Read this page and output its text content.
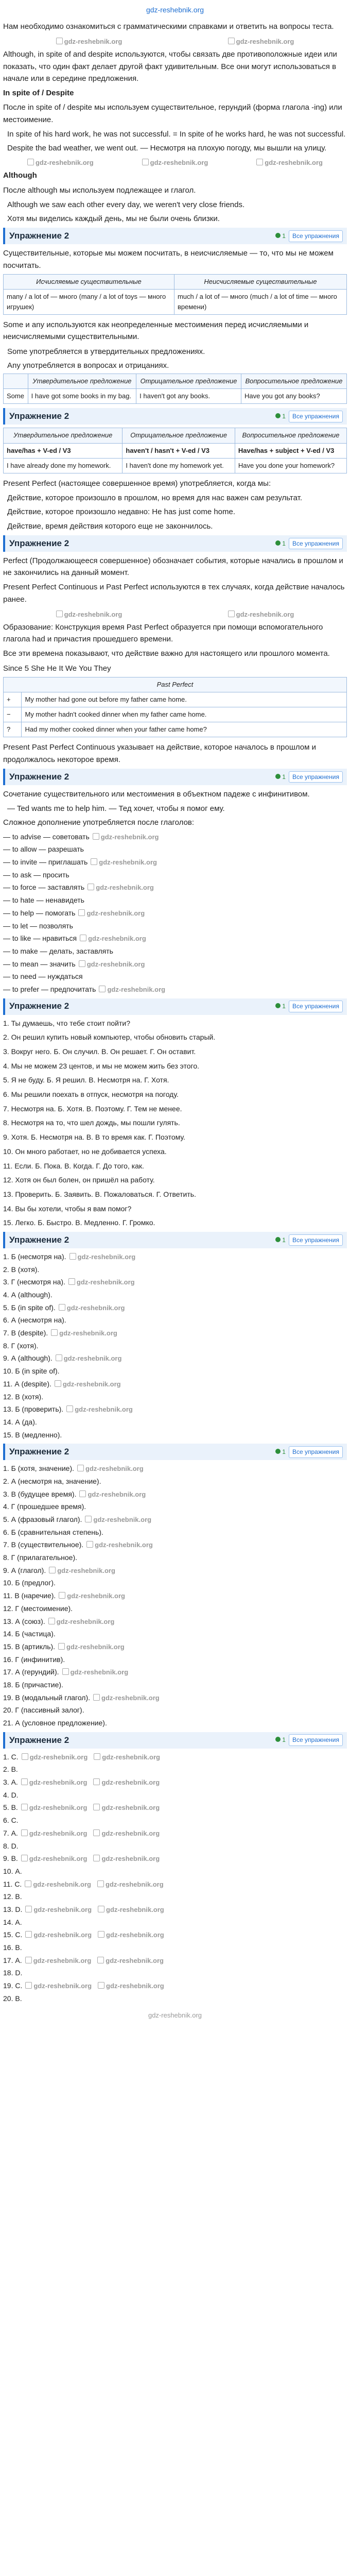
gdz-reshebnik.org

Нам необходимо ознакомиться с грамматическими справками и ответить на вопросы теста.

gdz-reshebnik.org	gdz-reshebnik.org

Although, in spite of and despite используются, чтобы связать две противоположные идеи или показать, что один факт делает другой факт удивительным. Все они могут использоваться в начале или в середине предложения.

In spite of / Despite

После in spite of / despite мы используем существительное, герундий (форма глагола -ing) или местоимение.

In spite of his hard work, he was not successful. = In spite of he works hard, he was not successful.

Despite the bad weather, we went out. — Несмотря на плохую погоду, мы вышли на улицу.

gdz-reshebnik.org	gdz-reshebnik.org	gdz-reshebnik.org

Although

После although мы используем подлежащее и глагол.

Although we saw each other every day, we weren't very close friends.

Хотя мы виделись каждый день, мы не были очень близки.

Упражнение 2	1	Все упражнения

Существительные, которые мы можем посчитать, в неисчисляемые — то, что мы не можем посчитать.

Исчисляемые существительные	Неисчисляемые существительные
many / a lot of — много (many / a lot of toys — много игрушек)	much / a lot of — много (much / a lot of time — много времени)

Some и any используются как неопределенные местоимения перед исчисляемыми и неисчисляемыми существительными.

Some употребляется в утвердительных предложениях.

Any употребляется в вопросах и отрицаниях.

	Утвердительное предложение	Отрицательное предложение	Вопросительное предложение
Some	I have got some books in my bag.	I haven't got any books.	Have you got any books?
Упражнение 2	1	Все упражнения
Утвердительное предложение	Отрицательное предложение	Вопросительное предложение
have/has + V-ed / V3	haven't / hasn't + V-ed / V3	Have/has + subject + V-ed / V3
I have already done my homework.	I haven't done my homework yet.	Have you done your homework?

Present Perfect (настоящее совершенное время) употребляется, когда мы:

Действие, которое произошло в прошлом, но время для нас важен сам результат.

Действие, которое произошло недавно: He has just come home.

Действие, время действия которого еще не закончилось.

Упражнение 2	1	Все упражнения

Perfect (Продолжающееся совершенное) обозначает события, которые начались в прошлом и не закончились на данный момент.

Present Perfect Continuous и Past Perfect используются в тех случаях, когда действие началось ранее.

gdz-reshebnik.org	gdz-reshebnik.org

Образование: Конструкция время Past Perfect образуется при помощи вспомогательного глагола had и причастия прошедшего времени.

Все эти времена показывают, что действие важно для настоящего или прошлого момента.

Since 5 She He It We You They

Past Perfect	
+	My mother had gone out before my father came home.
−	My mother hadn't cooked dinner when my father came home.
?	Had my mother cooked dinner when your father came home?

Present Past Perfect Continuous указывает на действие, которое началось в прошлом и продолжалось некоторое время.

Упражнение 2	1	Все упражнения

Сочетание существительного или местоимения в объектном падеже с инфинитивом.

— Ted wants me to help him. — Тед хочет, чтобы я помог ему.

Сложное дополнение употребляется после глаголов:

— to advise — советовать gdz-reshebnik.org
— to allow — разрешать
— to invite — приглашать gdz-reshebnik.org
— to ask — просить
— to force — заставлять gdz-reshebnik.org
— to hate — ненавидеть
— to help — помогать gdz-reshebnik.org
— to let — позволять
— to like — нравиться gdz-reshebnik.org
— to make — делать, заставлять
— to mean — значить gdz-reshebnik.org
— to need — нуждаться
— to prefer — предпочитать gdz-reshebnik.org
Упражнение 2	1	Все упражнения

1. Ты думаешь, что тебе стоит пойти?

2. Он решил купить новый компьютер, чтобы обновить старый.

3. Вокруг него. Б. Он случил. В. Он решает. Г. Он оставит.

4. Мы не можем 23 центов, и мы не можем жить без этого.

5. Я не буду. Б. Я решил. В. Несмотря на. Г. Хотя.

6. Мы решили поехать в отпуск, несмотря на погоду.

7. Несмотря на. Б. Хотя. В. Поэтому. Г. Тем не менее.

8. Несмотря на то, что шел дождь, мы пошли гулять.

9. Хотя. Б. Несмотря на. В. В то время как. Г. Поэтому.

10. Он много работает, но не добивается успеха.

11. Если. Б. Пока. В. Когда. Г. До того, как.

12. Хотя он был болен, он пришёл на работу.

13. Проверить. Б. Заявить. В. Пожаловаться. Г. Ответить.

14. Вы бы хотели, чтобы я вам помог?

15. Легко. Б. Быстро. В. Медленно. Г. Громко.

Упражнение 2	1	Все упражнения
1. Б (несмотря на). gdz-reshebnik.org
2. В (хотя).
3. Г (несмотря на). gdz-reshebnik.org
4. А (although).
5. Б (in spite of). gdz-reshebnik.org
6. А (несмотря на).
7. В (despite). gdz-reshebnik.org
8. Г (хотя).
9. А (although). gdz-reshebnik.org
10. Б (in spite of).
11. А (despite). gdz-reshebnik.org
12. В (хотя).
13. Б (проверить). gdz-reshebnik.org
14. А (да).
15. В (медленно).
Упражнение 2	1	Все упражнения
1. Б (хотя, значение). gdz-reshebnik.org
2. А (несмотря на, значение).
3. В (будущее время). gdz-reshebnik.org
4. Г (прошедшее время).
5. А (фразовый глагол). gdz-reshebnik.org
6. Б (сравнительная степень).
7. В (существительное). gdz-reshebnik.org
8. Г (прилагательное).
9. А (глагол). gdz-reshebnik.org
10. Б (предлог).
11. В (наречие). gdz-reshebnik.org
12. Г (местоимение).
13. А (союз). gdz-reshebnik.org
14. Б (частица).
15. В (артикль). gdz-reshebnik.org
16. Г (инфинитив).
17. А (герундий). gdz-reshebnik.org
18. Б (причастие).
19. В (модальный глагол). gdz-reshebnik.org
20. Г (пассивный залог).
21. А (условное предложение).
Упражнение 2	1	Все упражнения
1. С. gdz-reshebnik.org gdz-reshebnik.org
2. В.
3. А. gdz-reshebnik.org gdz-reshebnik.org
4. D.
5. В. gdz-reshebnik.org gdz-reshebnik.org
6. С.
7. А. gdz-reshebnik.org gdz-reshebnik.org
8. D.
9. В. gdz-reshebnik.org gdz-reshebnik.org
10. А.
11. С. gdz-reshebnik.org gdz-reshebnik.org
12. В.
13. D. gdz-reshebnik.org gdz-reshebnik.org
14. А.
15. С. gdz-reshebnik.org gdz-reshebnik.org
16. В.
17. А. gdz-reshebnik.org gdz-reshebnik.org
18. D.
19. С. gdz-reshebnik.org gdz-reshebnik.org
20. В.
gdz-reshebnik.org
